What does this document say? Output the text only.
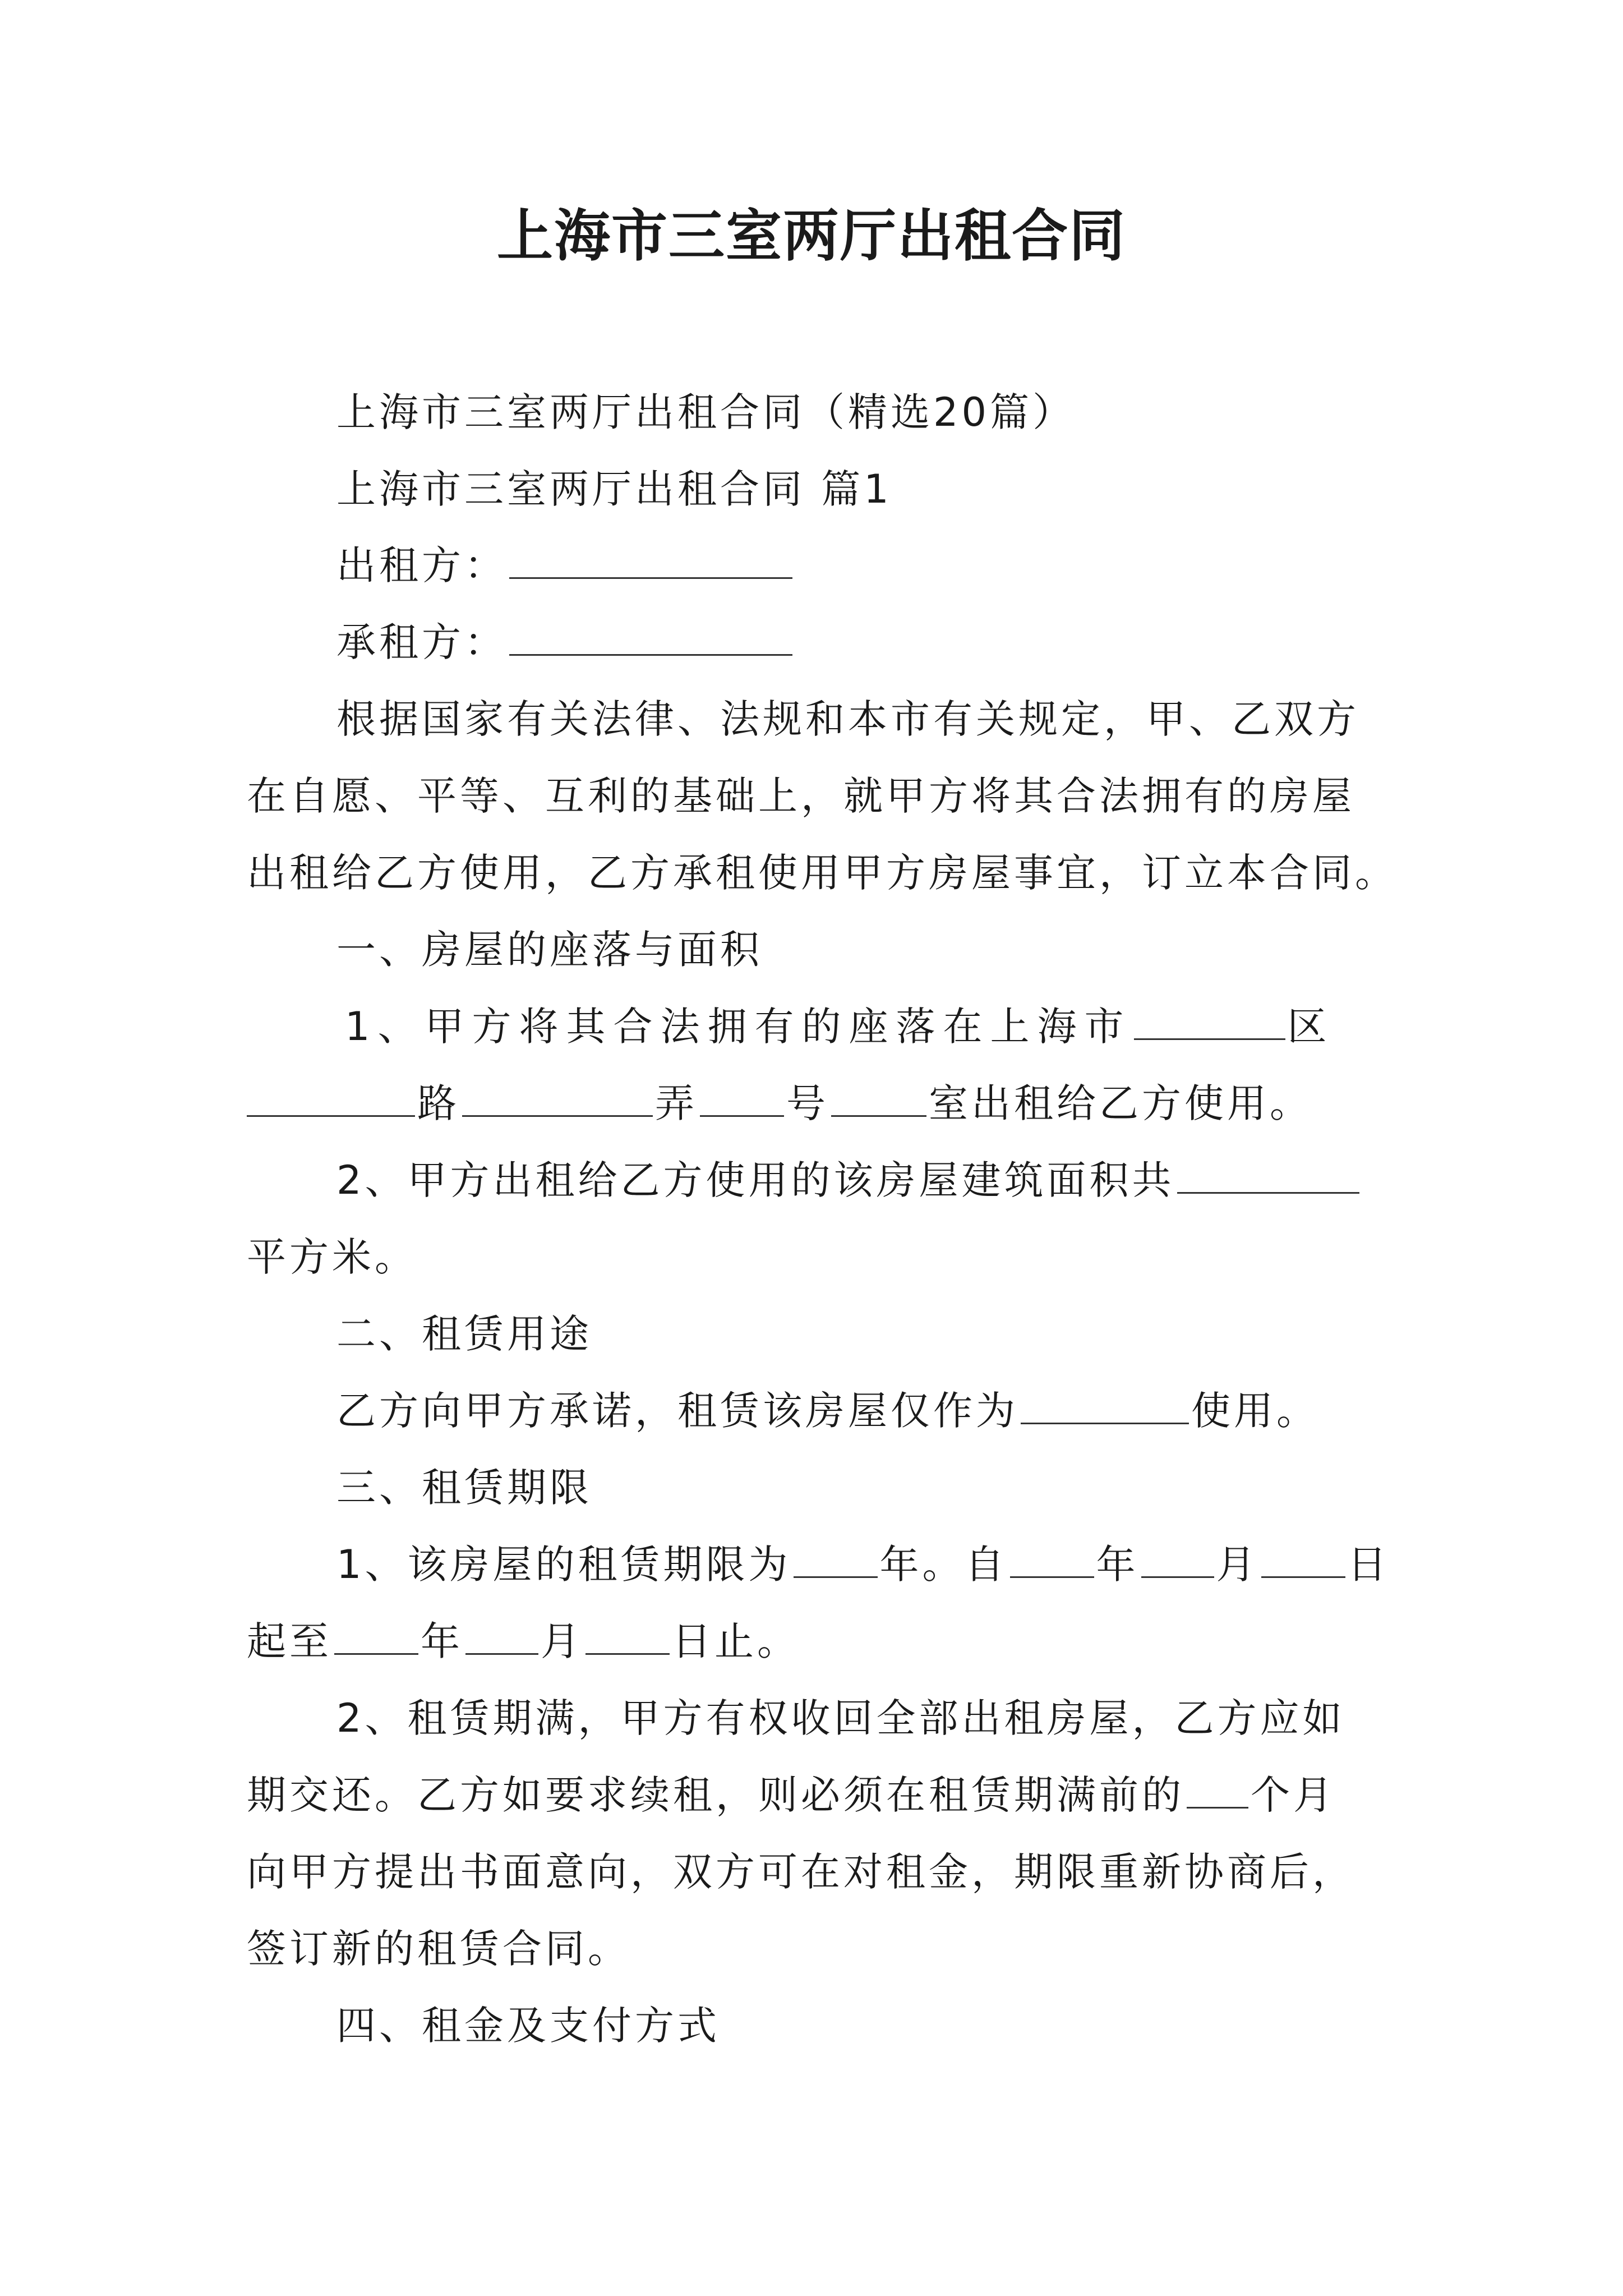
上海市三室两厅出租合同
上海市三室两厅出租合同（精选20篇）
上海市三室两厅出租合同 篇1
出租方：
承租方：
根据国家有关法律、法规和本市有关规定，甲、乙双方
在自愿、平等、互利的基础上，就甲方将其合法拥有的房屋
出租给乙方使用，乙方承租使用甲方房屋事宜，订立本合同。
一、房屋的座落与面积
1、甲方将其合法拥有的座落在上海市	区
路	弄 号	室出租给乙方使用。
2、甲方出租给乙方使用的该房屋建筑面积共
平方米。
二、租赁用途
乙方向甲方承诺，租赁该房屋仅作为	使用。
三、租赁期限
1、该房屋的租赁期限为 年。自 年 月 日
起至 年 月 日止。
2、租赁期满，甲方有权收回全部出租房屋，乙方应如
期交还。乙方如要求续租，则必须在租赁期满前的 个月
向甲方提出书面意向，双方可在对租金，期限重新协商后，
签订新的租赁合同。
四、租金及支付方式
